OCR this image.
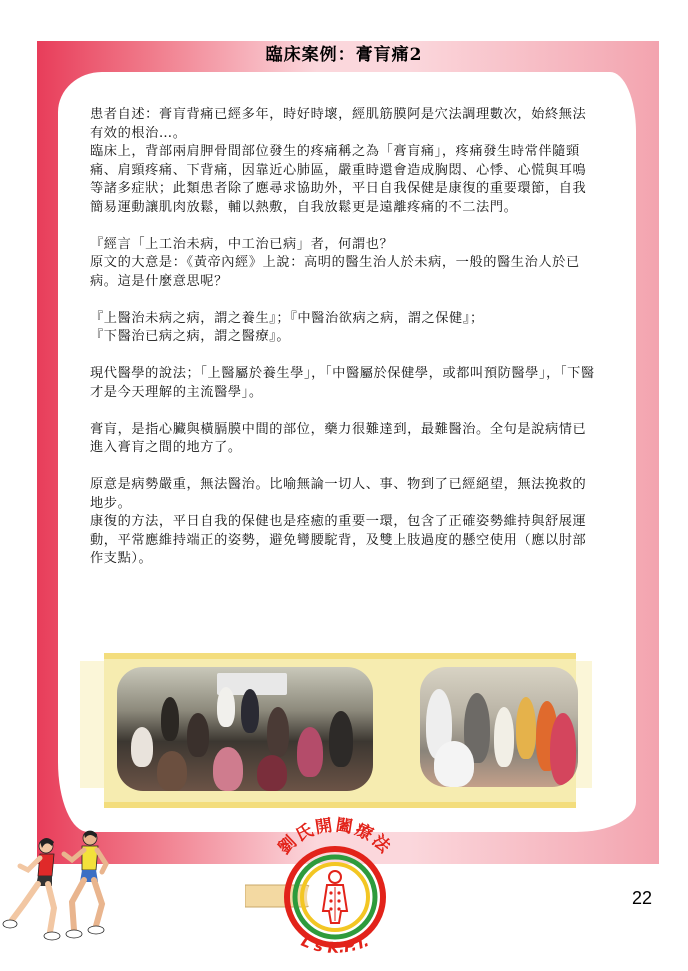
臨床案例：膏肓痛2

患者自述：膏肓背痛已經多年，時好時壞，經肌筋膜阿是穴法調理數次，始終無法有效的根治…。

臨床上，背部兩肩胛骨間部位發生的疼痛稱之為「膏肓痛」，疼痛發生時常伴隨頸痛、肩頸疼痛、下背痛，因靠近心肺區，嚴重時還會造成胸悶、心悸、心慌與耳鳴等諸多症狀；此類患者除了應尋求協助外，平日自我保健是康復的重要環節，自我簡易運動讓肌肉放鬆，輔以熱敷，自我放鬆更是遠離疼痛的不二法門。

『經言「上工治未病，中工治已病」者，何謂也？
原文的大意是：《黃帝內經》上說：高明的醫生治人於未病，一般的醫生治人於已病。這是什麼意思呢？

『上醫治未病之病，謂之養生』；『中醫治欲病之病，謂之保健』；
『下醫治已病之病，謂之醫療』。

現代醫學的說法；「上醫屬於養生學」，「中醫屬於保健學，或都叫預防醫學」，「下醫才是今天理解的主流醫學」。

膏肓，是指心臟與橫膈膜中間的部位，藥力很難達到，最難醫治。全句是說病情已進入膏肓之間的地方了。

原意是病勢嚴重，無法醫治。比喻無論一切人、事、物到了已經絕望，無法挽救的地步。
康復的方法，平日自我的保健也是痊癒的重要一環，包含了正確姿勢維持與舒展運動，平常應維持端正的姿勢，避免彎腰駝背，及雙上肢過度的懸空使用（應以肘部作支點）。

劉氏開闔療法
L's K.P.T.
22
